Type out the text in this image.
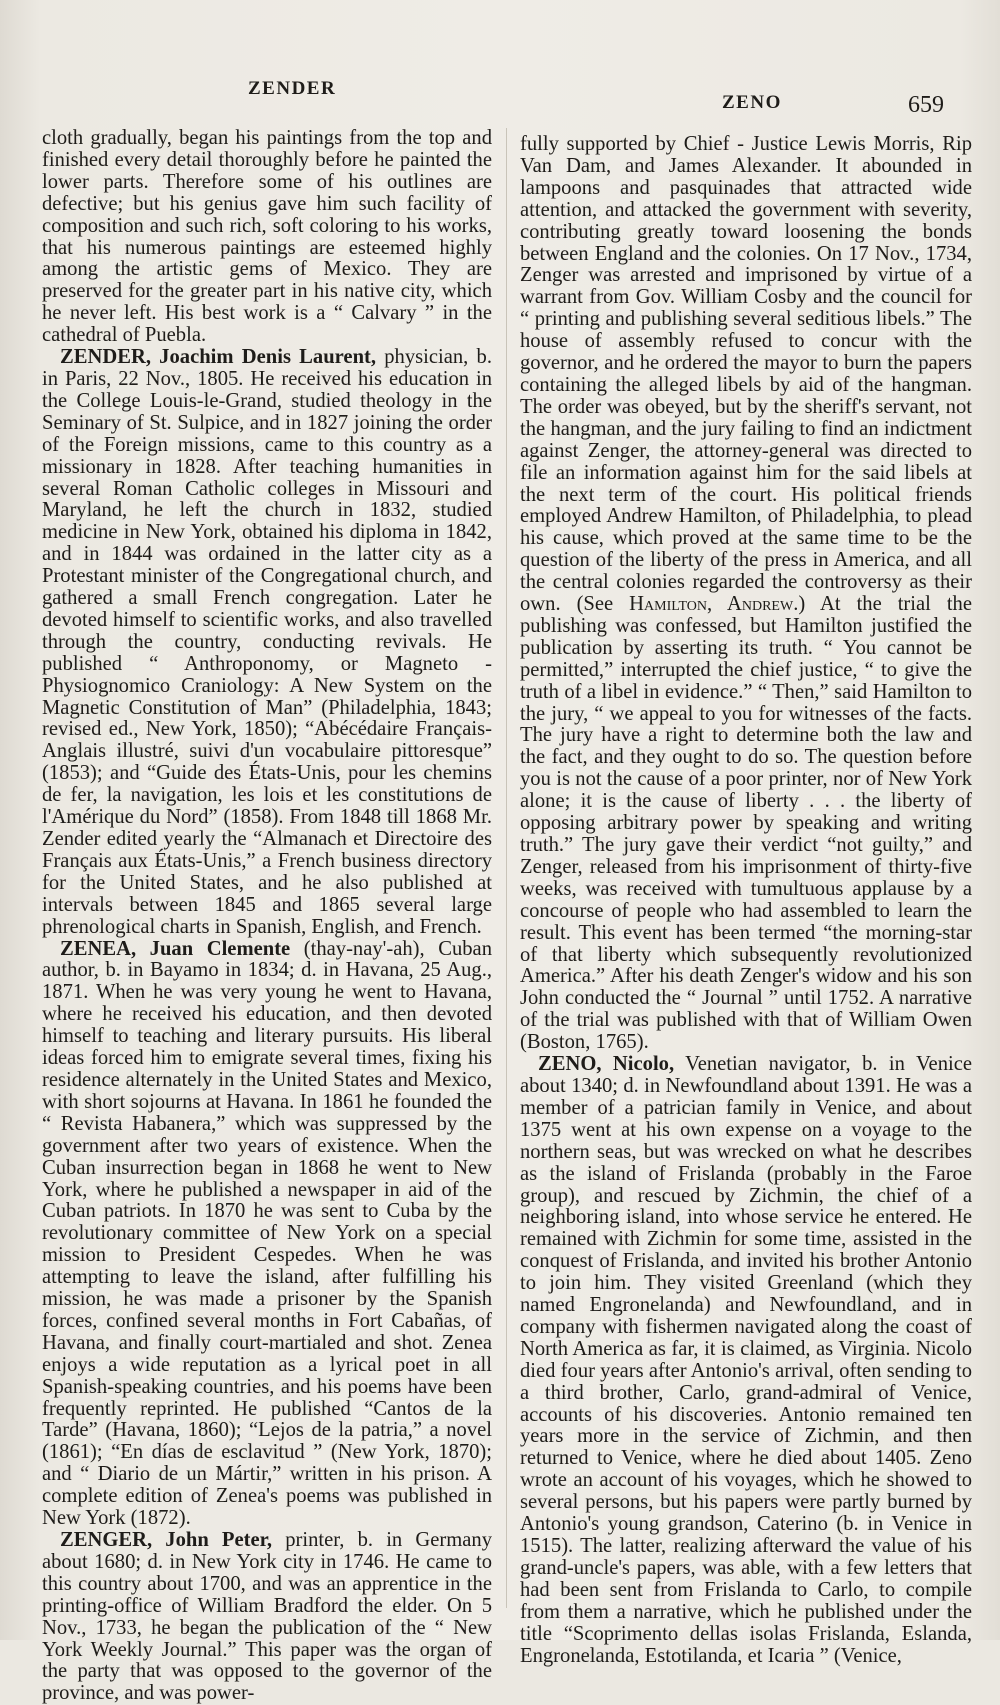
ZENDER
ZENO	659

cloth gradually, began his paintings from the top and finished every detail thoroughly before he painted the lower parts. Therefore some of his outlines are defective; but his genius gave him such facility of composition and such rich, soft coloring to his works, that his numerous paintings are esteemed highly among the artistic gems of Mexico. They are preserved for the greater part in his native city, which he never left. His best work is a “ Calvary ” in the cathedral of Puebla.

ZENDER, Joachim Denis Laurent, physician, b. in Paris, 22 Nov., 1805. He received his education in the College Louis-le-Grand, studied theology in the Seminary of St. Sulpice, and in 1827 joining the order of the Foreign missions, came to this country as a missionary in 1828. After teaching humanities in several Roman Catholic colleges in Missouri and Maryland, he left the church in 1832, studied medicine in New York, obtained his diploma in 1842, and in 1844 was ordained in the latter city as a Protestant minister of the Congregational church, and gathered a small French congregation. Later he devoted himself to scientific works, and also travelled through the country, conducting revivals. He published “ Anthroponomy, or Magneto - Physiognomico Craniology: A New System on the Magnetic Constitution of Man” (Philadelphia, 1843; revised ed., New York, 1850); “Abécédaire Français-Anglais illustré, suivi d'un vocabulaire pittoresque” (1853); and “Guide des États-Unis, pour les chemins de fer, la navigation, les lois et les constitutions de l'Amérique du Nord” (1858). From 1848 till 1868 Mr. Zender edited yearly the “Almanach et Directoire des Français aux États-Unis,” a French business directory for the United States, and he also published at intervals between 1845 and 1865 several large phrenological charts in Spanish, English, and French.

ZENEA, Juan Clemente (thay-nay'-ah), Cuban author, b. in Bayamo in 1834; d. in Havana, 25 Aug., 1871. When he was very young he went to Havana, where he received his education, and then devoted himself to teaching and literary pursuits. His liberal ideas forced him to emigrate several times, fixing his residence alternately in the United States and Mexico, with short sojourns at Havana. In 1861 he founded the “ Revista Habanera,” which was suppressed by the government after two years of existence. When the Cuban insurrection began in 1868 he went to New York, where he published a newspaper in aid of the Cuban patriots. In 1870 he was sent to Cuba by the revolutionary committee of New York on a special mission to President Cespedes. When he was attempting to leave the island, after fulfilling his mission, he was made a prisoner by the Spanish forces, confined several months in Fort Cabañas, of Havana, and finally court-martialed and shot. Zenea enjoys a wide reputation as a lyrical poet in all Spanish-speaking countries, and his poems have been frequently reprinted. He published “Cantos de la Tarde” (Havana, 1860); “Lejos de la patria,” a novel (1861); “En días de esclavitud ” (New York, 1870); and “ Diario de un Mártir,” written in his prison. A complete edition of Zenea's poems was published in New York (1872).

ZENGER, John Peter, printer, b. in Germany about 1680; d. in New York city in 1746. He came to this country about 1700, and was an apprentice in the printing-office of William Bradford the elder. On 5 Nov., 1733, he began the publication of the “ New York Weekly Journal.” This paper was the organ of the party that was opposed to the governor of the province, and was power-

fully supported by Chief - Justice Lewis Morris, Rip Van Dam, and James Alexander. It abounded in lampoons and pasquinades that attracted wide attention, and attacked the government with severity, contributing greatly toward loosening the bonds between England and the colonies. On 17 Nov., 1734, Zenger was arrested and imprisoned by virtue of a warrant from Gov. William Cosby and the council for “ printing and publishing several seditious libels.” The house of assembly refused to concur with the governor, and he ordered the mayor to burn the papers containing the alleged libels by aid of the hangman. The order was obeyed, but by the sheriff's servant, not the hangman, and the jury failing to find an indictment against Zenger, the attorney-general was directed to file an information against him for the said libels at the next term of the court. His political friends employed Andrew Hamilton, of Philadelphia, to plead his cause, which proved at the same time to be the question of the liberty of the press in America, and all the central colonies regarded the controversy as their own. (See Hamilton, Andrew.) At the trial the publishing was confessed, but Hamilton justified the publication by asserting its truth. “ You cannot be permitted,” interrupted the chief justice, “ to give the truth of a libel in evidence.” “ Then,” said Hamilton to the jury, “ we appeal to you for witnesses of the facts. The jury have a right to determine both the law and the fact, and they ought to do so. The question before you is not the cause of a poor printer, nor of New York alone; it is the cause of liberty . . . the liberty of opposing arbitrary power by speaking and writing truth.” The jury gave their verdict “not guilty,” and Zenger, released from his imprisonment of thirty-five weeks, was received with tumultuous applause by a concourse of people who had assembled to learn the result. This event has been termed “the morning-star of that liberty which subsequently revolutionized America.” After his death Zenger's widow and his son John conducted the “ Journal ” until 1752. A narrative of the trial was published with that of William Owen (Boston, 1765).

ZENO, Nicolo, Venetian navigator, b. in Venice about 1340; d. in Newfoundland about 1391. He was a member of a patrician family in Venice, and about 1375 went at his own expense on a voyage to the northern seas, but was wrecked on what he describes as the island of Frislanda (probably in the Faroe group), and rescued by Zichmin, the chief of a neighboring island, into whose service he entered. He remained with Zichmin for some time, assisted in the conquest of Frislanda, and invited his brother Antonio to join him. They visited Greenland (which they named Engronelanda) and Newfoundland, and in company with fishermen navigated along the coast of North America as far, it is claimed, as Virginia. Nicolo died four years after Antonio's arrival, often sending to a third brother, Carlo, grand-admiral of Venice, accounts of his discoveries. Antonio remained ten years more in the service of Zichmin, and then returned to Venice, where he died about 1405. Zeno wrote an account of his voyages, which he showed to several persons, but his papers were partly burned by Antonio's young grandson, Caterino (b. in Venice in 1515). The latter, realizing afterward the value of his grand-uncle's papers, was able, with a few letters that had been sent from Frislanda to Carlo, to compile from them a narrative, which he published under the title “Scoprimento dellas isolas Frislanda, Eslanda, Engronelanda, Estotilanda, et Icaria ” (Venice,
